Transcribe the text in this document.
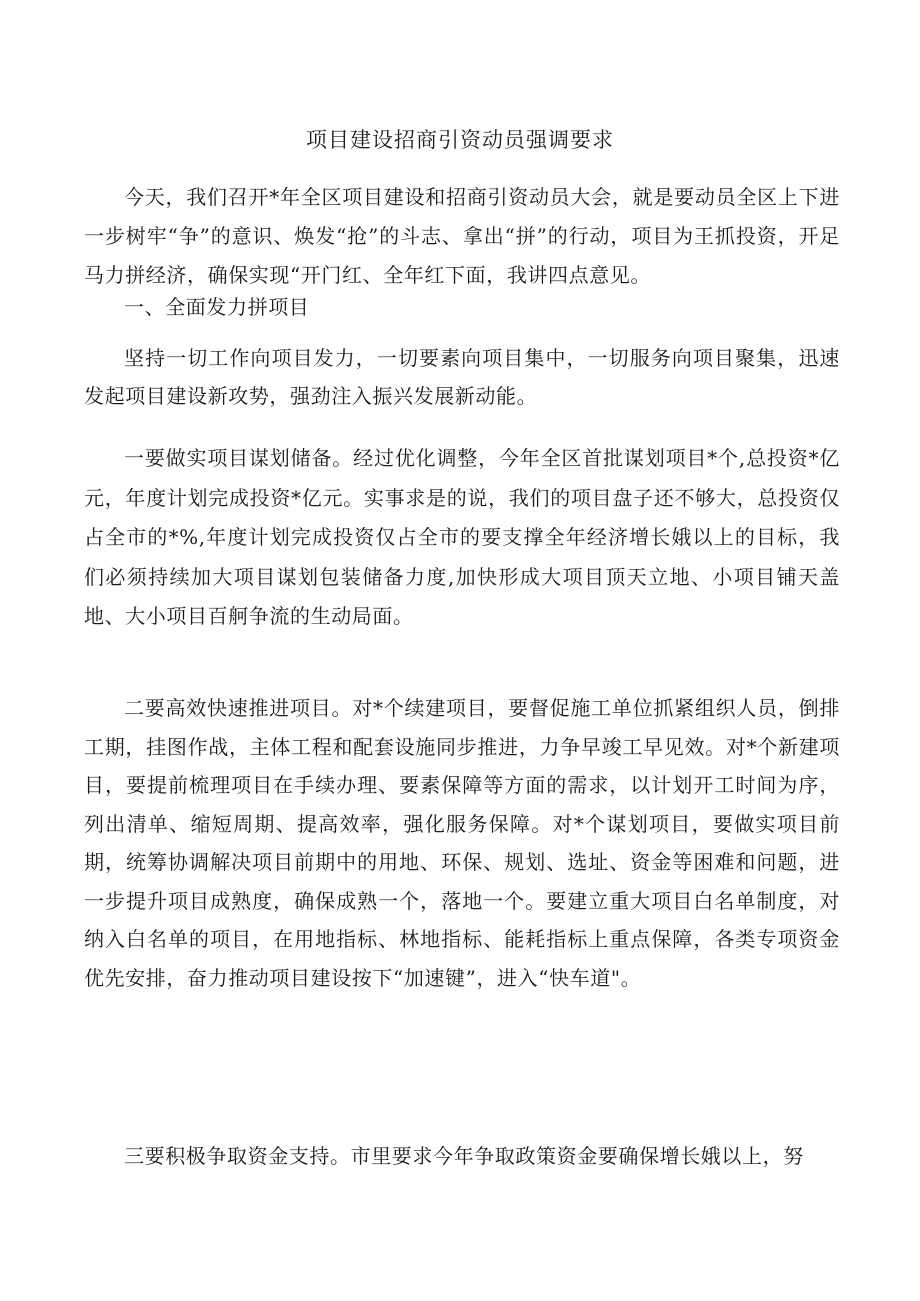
项目建设招商引资动员强调要求

今天，我们召开*年全区项目建设和招商引资动员大会，就是要动员全区上下进一步树牢“争”的意识、焕发“抢”的斗志、拿出“拼”的行动，项目为王抓投资，开足马力拼经济，确保实现“开门红、全年红下面，我讲四点意见。

一、全面发力拼项目

坚持一切工作向项目发力，一切要素向项目集中，一切服务向项目聚集，迅速发起项目建设新攻势，强劲注入振兴发展新动能。

一要做实项目谋划储备。经过优化调整，今年全区首批谋划项目*个,总投资*亿元，年度计划完成投资*亿元。实事求是的说，我们的项目盘子还不够大，总投资仅占全市的*%,年度计划完成投资仅占全市的要支撑全年经济增长娥以上的目标，我们必须持续加大项目谋划包装储备力度,加快形成大项目顶天立地、小项目铺天盖地、大小项目百舸争流的生动局面。

二要高效快速推进项目。对*个续建项目，要督促施工单位抓紧组织人员，倒排工期，挂图作战，主体工程和配套设施同步推进，力争早竣工早见效。对*个新建项目，要提前梳理项目在手续办理、要素保障等方面的需求，以计划开工时间为序，列出清单、缩短周期、提高效率，强化服务保障。对*个谋划项目，要做实项目前期，统筹协调解决项目前期中的用地、环保、规划、选址、资金等困难和问题，进一步提升项目成熟度，确保成熟一个，落地一个。要建立重大项目白名单制度，对纳入白名单的项目，在用地指标、林地指标、能耗指标上重点保障，各类专项资金优先安排，奋力推动项目建设按下“加速键”，进入“快车道"。

三要积极争取资金支持。市里要求今年争取政策资金要确保增长娥以上，努
